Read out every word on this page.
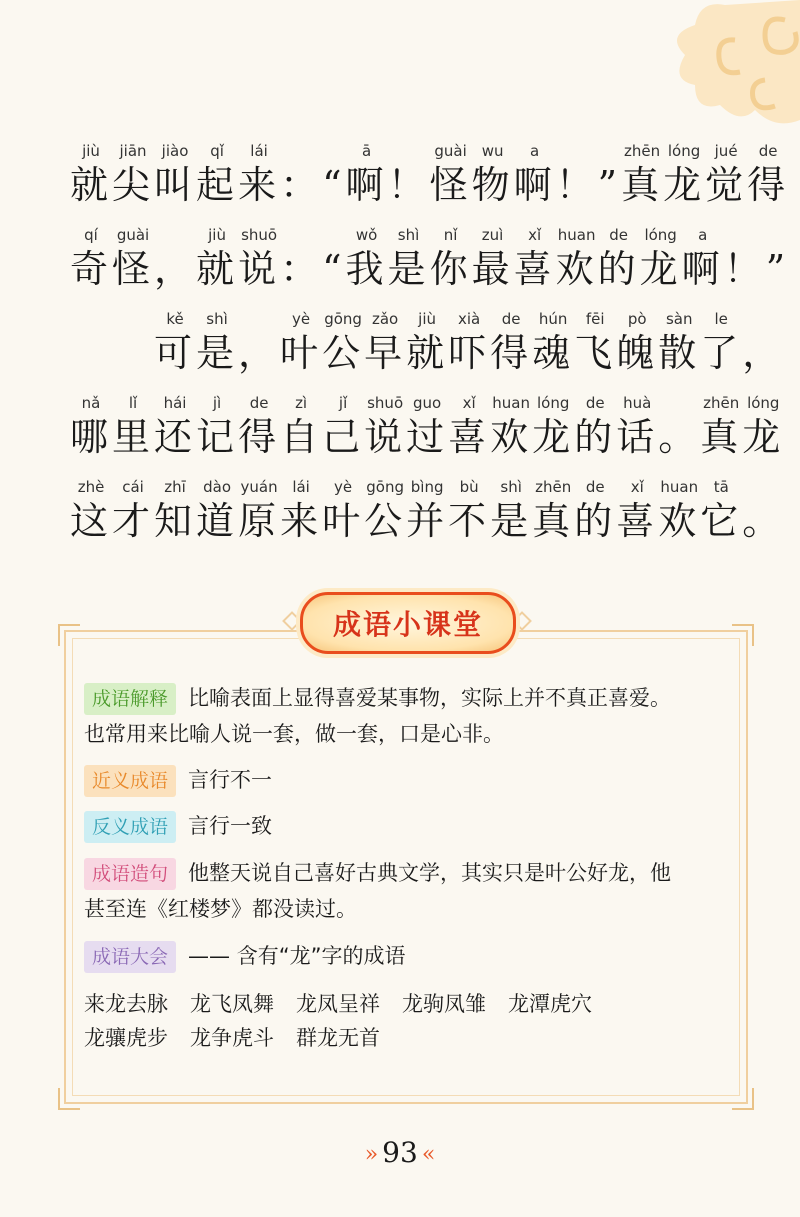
jiù
就
jiān
尖
jiào
叫
qǐ
起
lái
来 ： “
ā
啊 ！
guài
怪
wu
物
a
啊 ！ ”
zhēn
真
lóng
龙
jué
觉
de
得
qí
奇
guài
怪 ，
jiù
就
shuō
说 ： “
wǒ
我
shì
是
nǐ
你
zuì
最
xǐ
喜
huan
欢
de
的
lóng
龙
a
啊 ！ ”
kě
可
shì
是 ，
yè
叶
gōng
公
zǎo
早
jiù
就
xià
吓
de
得
hún
魂
fēi
飞
pò
魄
sàn
散
le
了 ，
nǎ
哪
lǐ
里
hái
还
jì
记
de
得
zì
自
jǐ
己
shuō
说
guo
过
xǐ
喜
huan
欢
lóng
龙
de
的
huà
话 。
zhēn
真
lóng
龙
zhè
这
cái
才
zhī
知
dào
道
yuán
原
lái
来
yè
叶
gōng
公
bìng
并
bù
不
shì
是
zhēn
真
de
的
xǐ
喜
huan
欢
tā
它 。
成语小课堂
成语解释 比喻表面上显得喜爱某事物，实际上并不真正喜爱。
也常用来比喻人说一套，做一套，口是心非。
近义成语 言行不一
反义成语 言行一致
成语造句 他整天说自己喜好古典文学，其实只是叶公好龙，他
甚至连《红楼梦》都没读过。
成语大会 —— 含有“龙”字的成语
来龙去脉 龙飞凤舞 龙凤呈祥 龙驹凤雏 龙潭虎穴
龙骧虎步 龙争虎斗 群龙无首
» 93 «
